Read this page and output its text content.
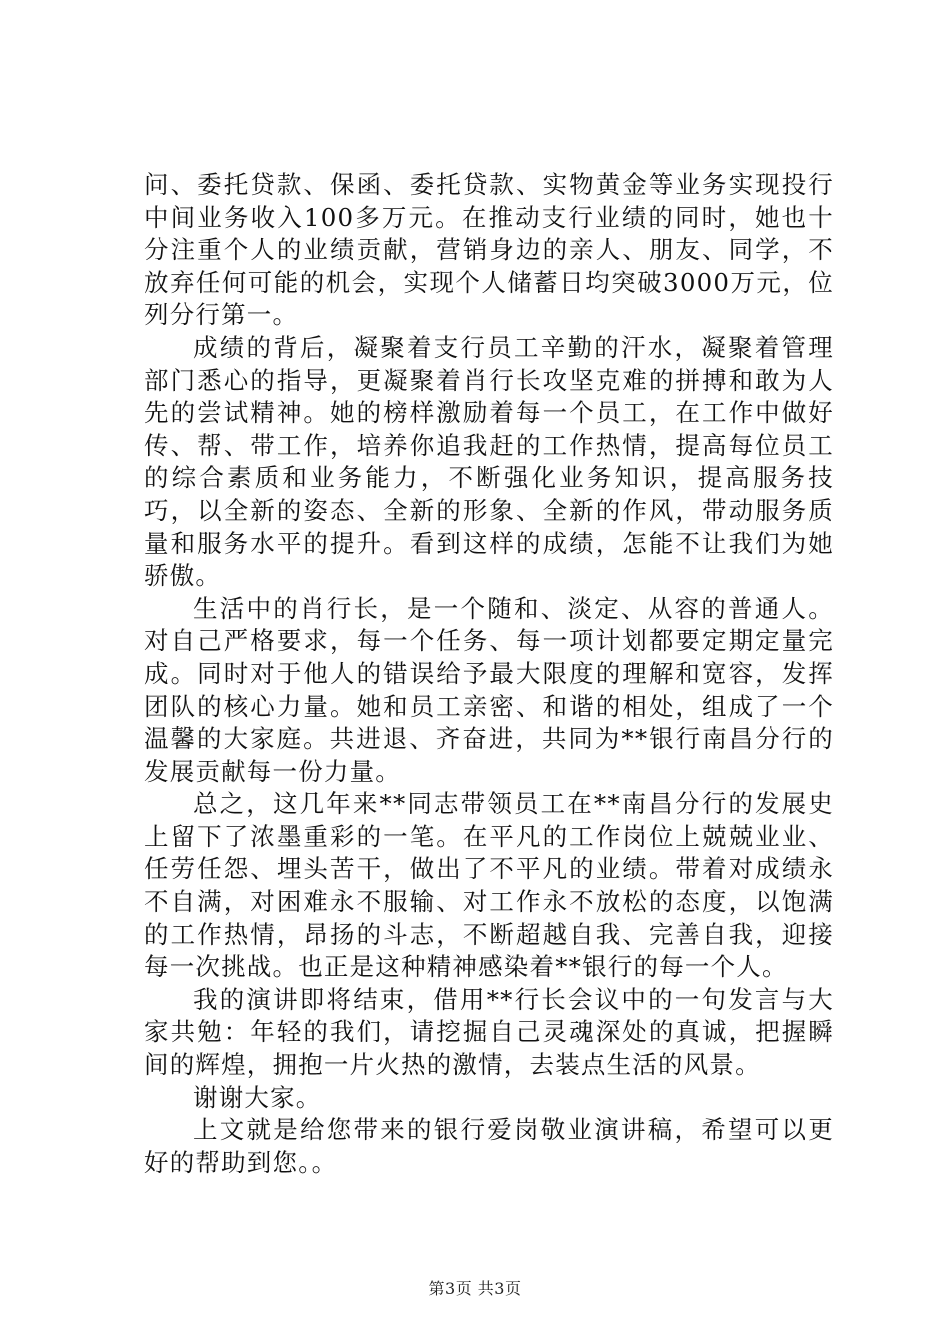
问、委托贷款、保函、委托贷款、实物黄金等业务实现投行中间业务收入100多万元。在推动支行业绩的同时，她也十分注重个人的业绩贡献，营销身边的亲人、朋友、同学，不放弃任何可能的机会，实现个人储蓄日均突破3000万元，位列分行第一。

成绩的背后，凝聚着支行员工辛勤的汗水，凝聚着管理部门悉心的指导，更凝聚着肖行长攻坚克难的拼搏和敢为人先的尝试精神。她的榜样激励着每一个员工，在工作中做好传、帮、带工作，培养你追我赶的工作热情，提高每位员工的综合素质和业务能力，不断强化业务知识，提高服务技巧，以全新的姿态、全新的形象、全新的作风，带动服务质量和服务水平的提升。看到这样的成绩，怎能不让我们为她骄傲。

生活中的肖行长，是一个随和、淡定、从容的普通人。对自己严格要求，每一个任务、每一项计划都要定期定量完成。同时对于他人的错误给予最大限度的理解和宽容，发挥团队的核心力量。她和员工亲密、和谐的相处，组成了一个温馨的大家庭。共进退、齐奋进，共同为**银行南昌分行的发展贡献每一份力量。

总之，这几年来**同志带领员工在**南昌分行的发展史上留下了浓墨重彩的一笔。在平凡的工作岗位上兢兢业业、任劳任怨、埋头苦干，做出了不平凡的业绩。带着对成绩永不自满，对困难永不服输、对工作永不放松的态度，以饱满的工作热情，昂扬的斗志，不断超越自我、完善自我，迎接每一次挑战。也正是这种精神感染着**银行的每一个人。

我的演讲即将结束，借用**行长会议中的一句发言与大家共勉：年轻的我们，请挖掘自己灵魂深处的真诚，把握瞬间的辉煌，拥抱一片火热的激情，去装点生活的风景。

谢谢大家。

上文就是给您带来的银行爱岗敬业演讲稿，希望可以更好的帮助到您。。

第3页 共3页
